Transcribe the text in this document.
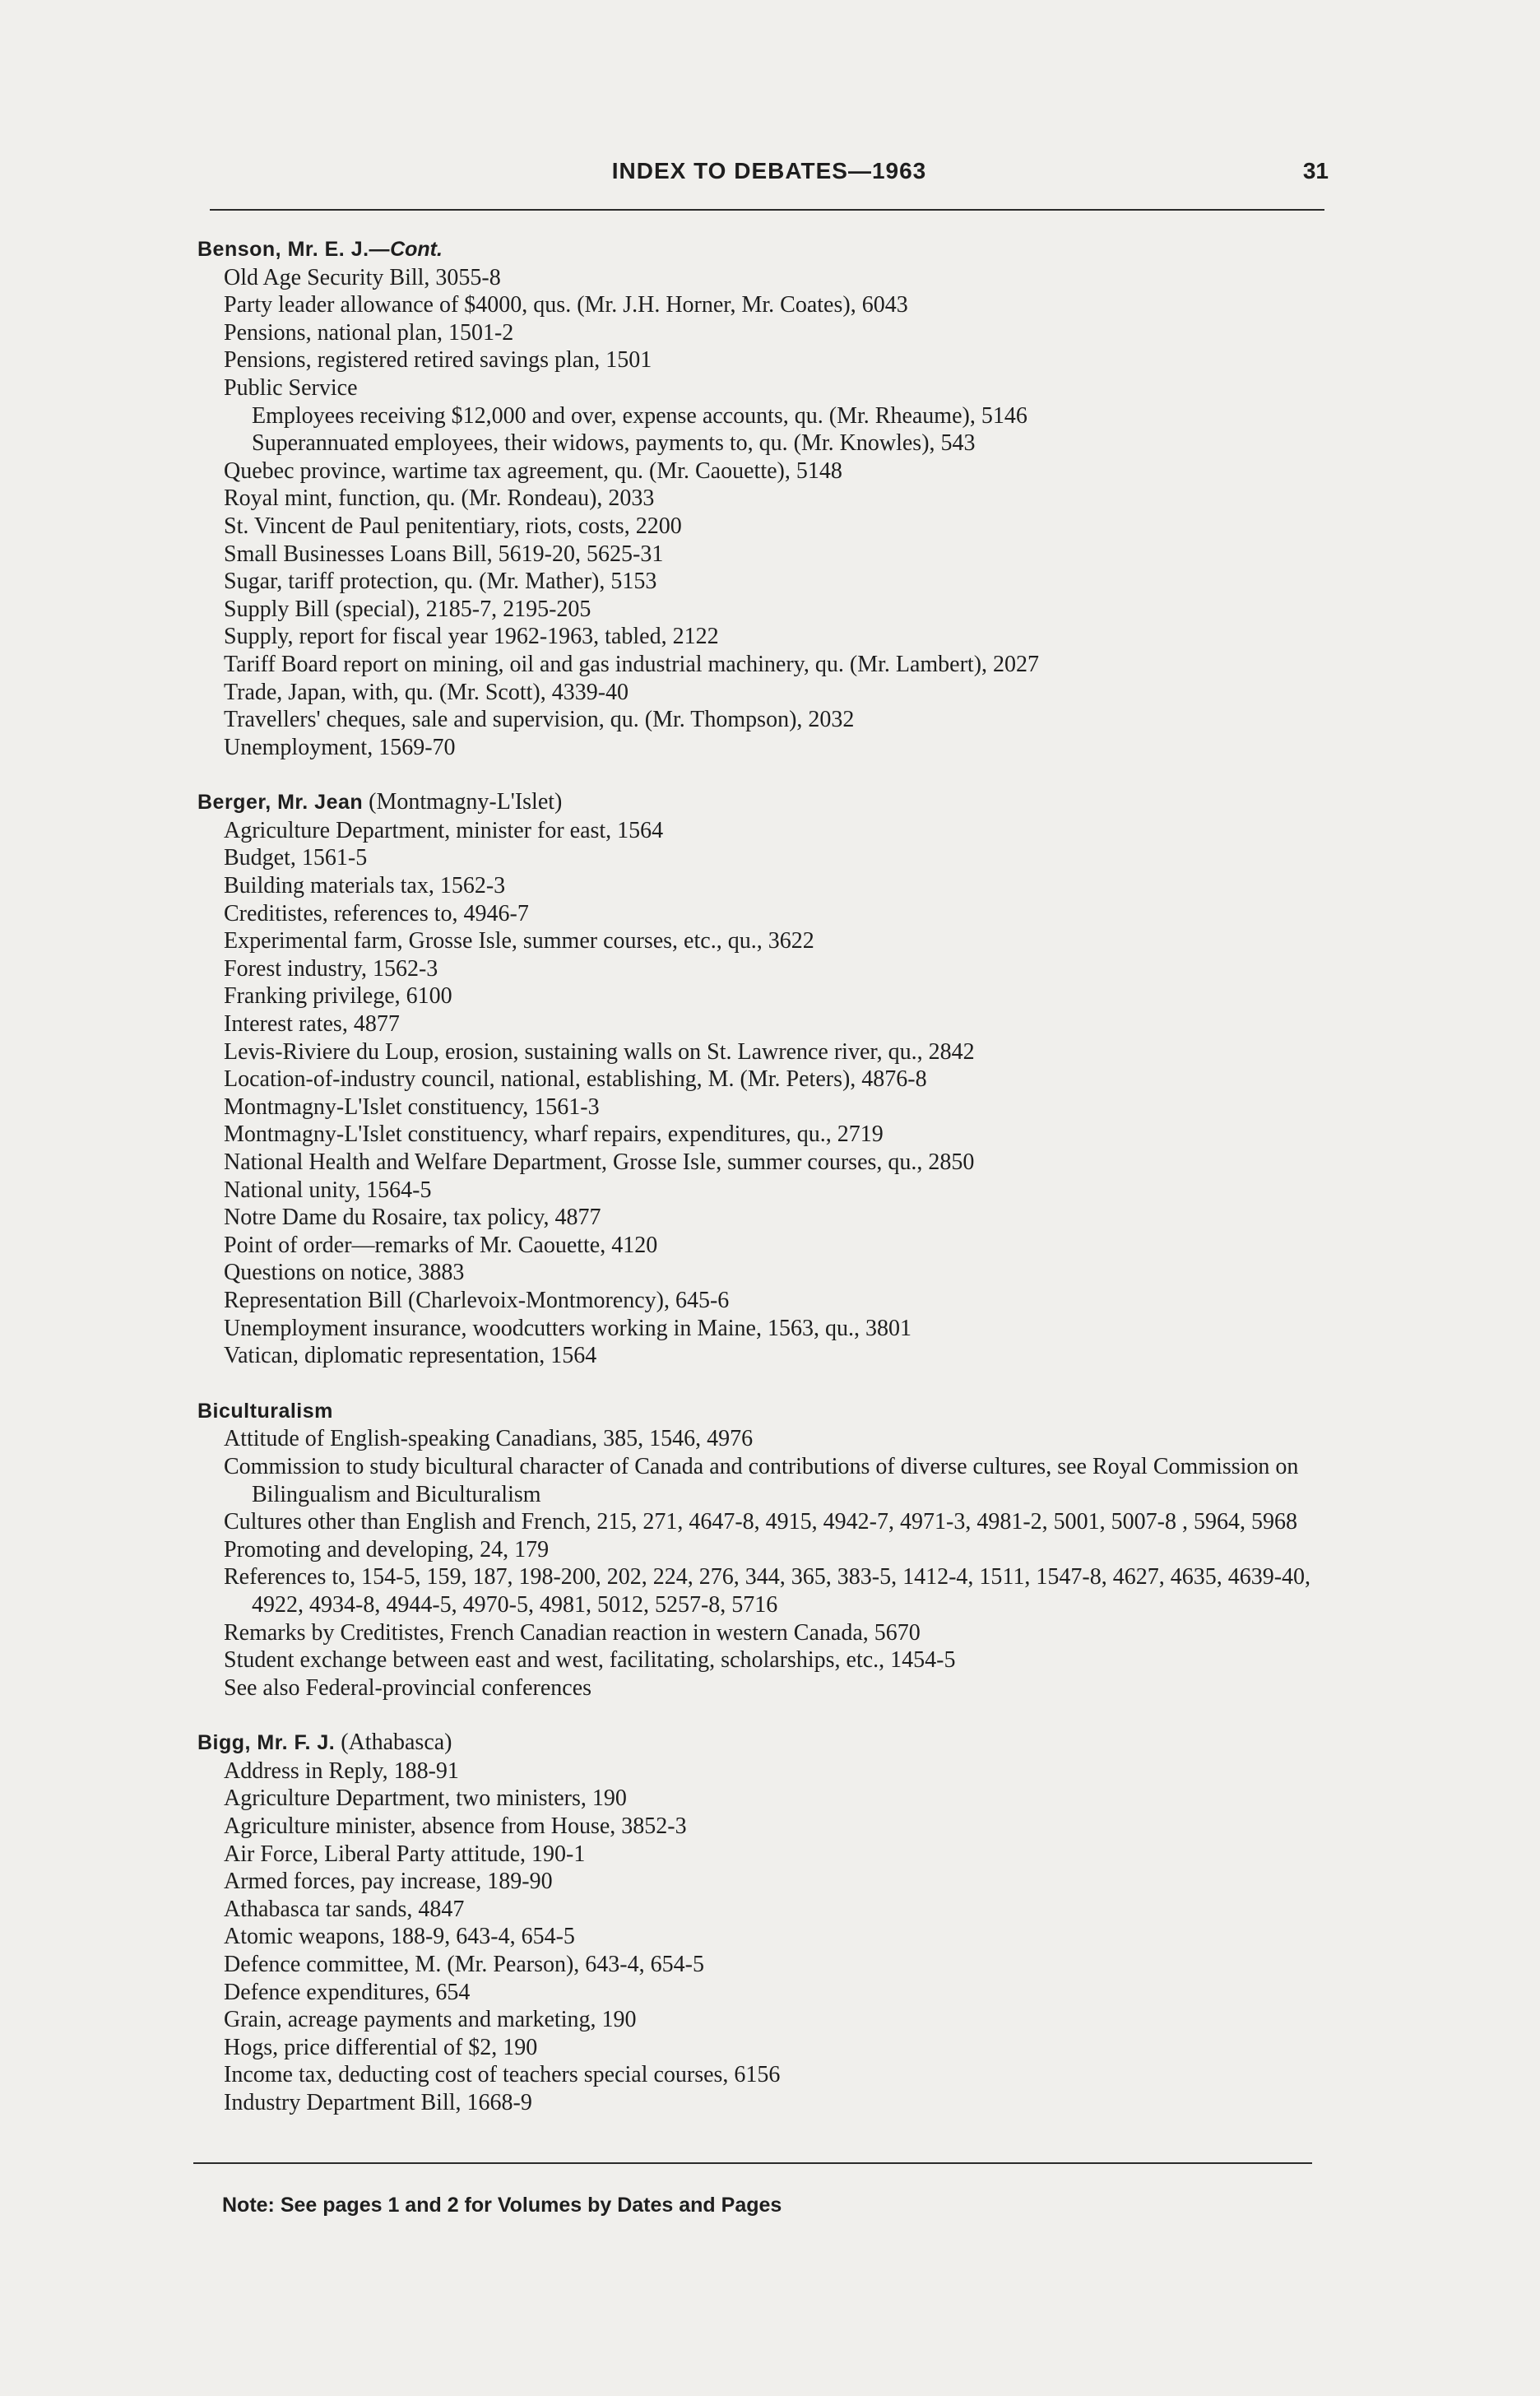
INDEX TO DEBATES—1963	31
Benson, Mr. E. J.—Cont.
Old Age Security Bill, 3055-8
Party leader allowance of $4000, qus. (Mr. J.H. Horner, Mr. Coates), 6043
Pensions, national plan, 1501-2
Pensions, registered retired savings plan, 1501
Public Service
Employees receiving $12,000 and over, expense accounts, qu. (Mr. Rheaume), 5146
Superannuated employees, their widows, payments to, qu. (Mr. Knowles), 543
Quebec province, wartime tax agreement, qu. (Mr. Caouette), 5148
Royal mint, function, qu. (Mr. Rondeau), 2033
St. Vincent de Paul penitentiary, riots, costs, 2200
Small Businesses Loans Bill, 5619-20, 5625-31
Sugar, tariff protection, qu. (Mr. Mather), 5153
Supply Bill (special), 2185-7, 2195-205
Supply, report for fiscal year 1962-1963, tabled, 2122
Tariff Board report on mining, oil and gas industrial machinery, qu. (Mr. Lambert), 2027
Trade, Japan, with, qu. (Mr. Scott), 4339-40
Travellers' cheques, sale and supervision, qu. (Mr. Thompson), 2032
Unemployment, 1569-70
Berger, Mr. Jean (Montmagny-L'Islet)
Agriculture Department, minister for east, 1564
Budget, 1561-5
Building materials tax, 1562-3
Creditistes, references to, 4946-7
Experimental farm, Grosse Isle, summer courses, etc., qu., 3622
Forest industry, 1562-3
Franking privilege, 6100
Interest rates, 4877
Levis-Riviere du Loup, erosion, sustaining walls on St. Lawrence river, qu., 2842
Location-of-industry council, national, establishing, M. (Mr. Peters), 4876-8
Montmagny-L'Islet constituency, 1561-3
Montmagny-L'Islet constituency, wharf repairs, expenditures, qu., 2719
National Health and Welfare Department, Grosse Isle, summer courses, qu., 2850
National unity, 1564-5
Notre Dame du Rosaire, tax policy, 4877
Point of order—remarks of Mr. Caouette, 4120
Questions on notice, 3883
Representation Bill (Charlevoix-Montmorency), 645-6
Unemployment insurance, woodcutters working in Maine, 1563, qu., 3801
Vatican, diplomatic representation, 1564
Biculturalism
Attitude of English-speaking Canadians, 385, 1546, 4976
Commission to study bicultural character of Canada and contributions of diverse cultures, see Royal Commission on Bilingualism and Biculturalism
Cultures other than English and French, 215, 271, 4647-8, 4915, 4942-7, 4971-3, 4981-2, 5001, 5007-8 , 5964, 5968
Promoting and developing, 24, 179
References to, 154-5, 159, 187, 198-200, 202, 224, 276, 344, 365, 383-5, 1412-4, 1511, 1547-8, 4627, 4635, 4639-40, 4922, 4934-8, 4944-5, 4970-5, 4981, 5012, 5257-8, 5716
Remarks by Creditistes, French Canadian reaction in western Canada, 5670
Student exchange between east and west, facilitating, scholarships, etc., 1454-5
See also Federal-provincial conferences
Bigg, Mr. F. J. (Athabasca)
Address in Reply, 188-91
Agriculture Department, two ministers, 190
Agriculture minister, absence from House, 3852-3
Air Force, Liberal Party attitude, 190-1
Armed forces, pay increase, 189-90
Athabasca tar sands, 4847
Atomic weapons, 188-9, 643-4, 654-5
Defence committee, M. (Mr. Pearson), 643-4, 654-5
Defence expenditures, 654
Grain, acreage payments and marketing, 190
Hogs, price differential of $2, 190
Income tax, deducting cost of teachers special courses, 6156
Industry Department Bill, 1668-9
Note: See pages 1 and 2 for Volumes by Dates and Pages
